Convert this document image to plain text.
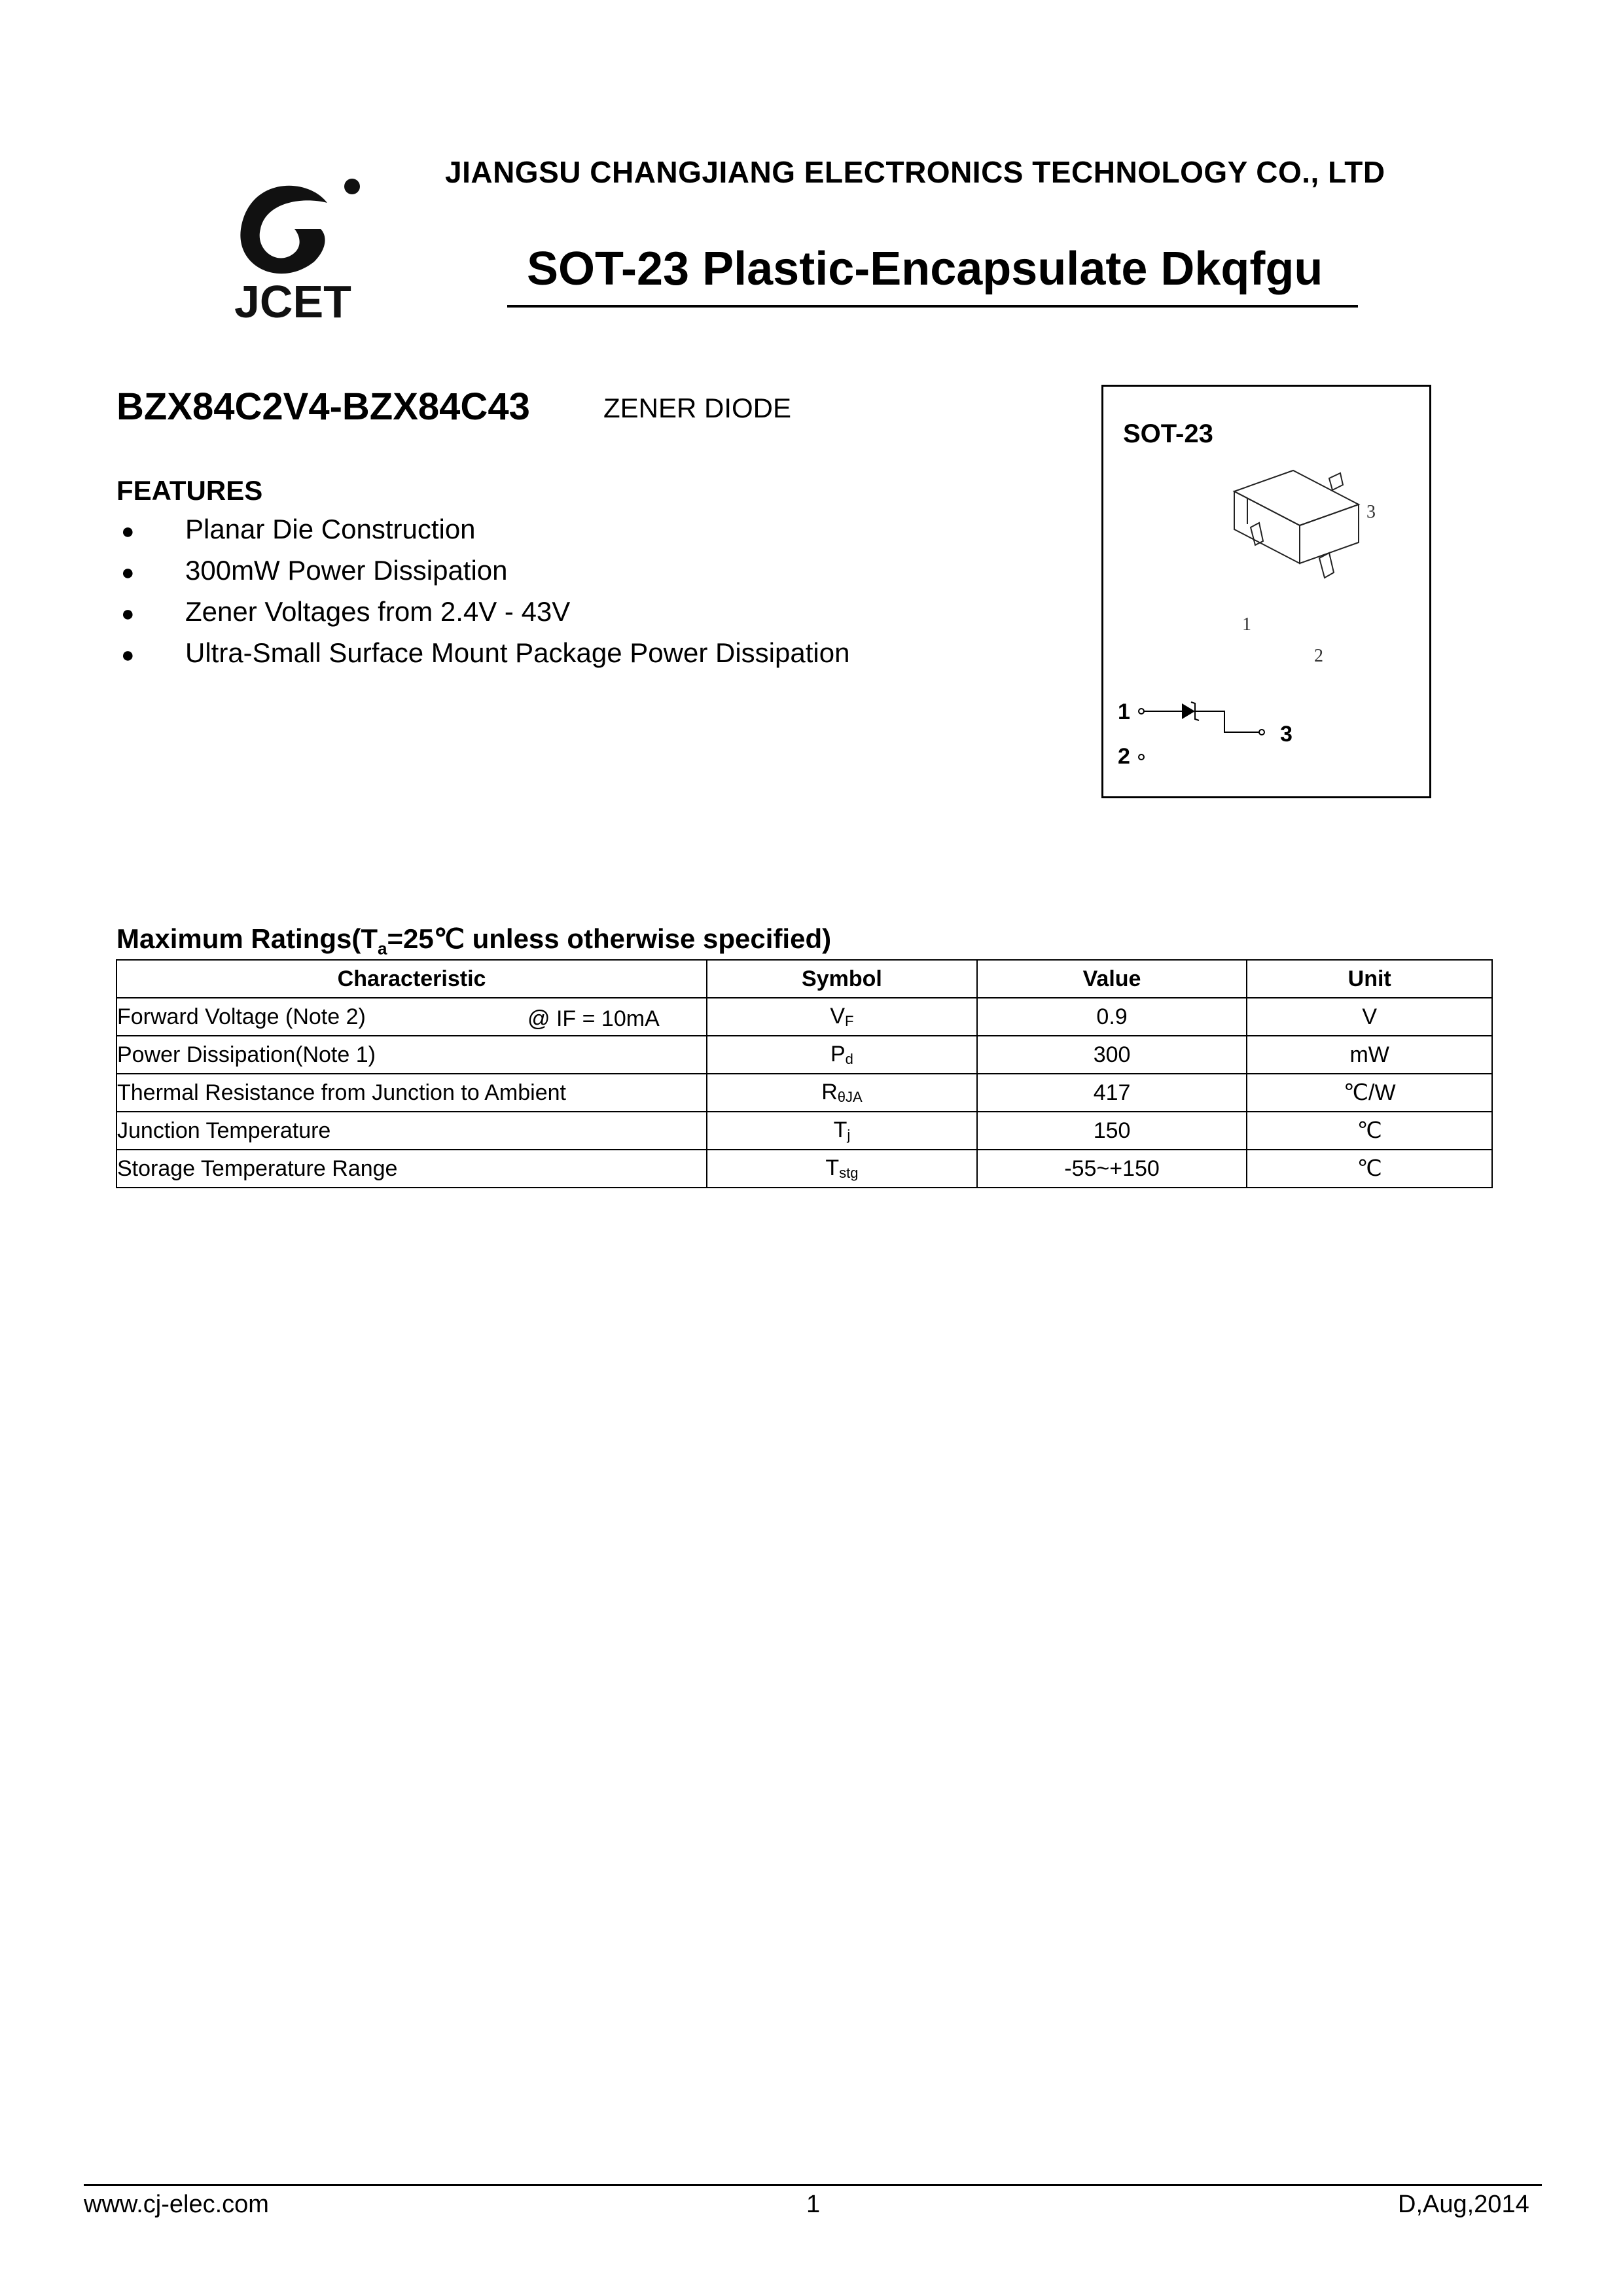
JIANGSU CHANGJIANG ELECTRONICS TECHNOLOGY CO., LTD
JCET
SOT-23 Plastic-Encapsulate Dkqfgu
BZX84C2V4-BZX84C43	ZENER DIODE
FEATURES
● Planar Die Construction
● 300mW Power Dissipation
● Zener Voltages from 2.4V - 43V
● Ultra-Small Surface Mount Package Power Dissipation
SOT-23
3
1
2
1
3
2
Maximum $Ratings(T_a=25℃$ unless otherwise specified)
Characteristic	Symbol	Value	Unit
Forward Voltage (Note 2) @ IF = 10mA	VF	0.9	V
Power Dissipation(Note 1)	Pd	300	mW
Thermal Resistance from Junction to Ambient	RθJA	417	℃/W
Junction Temperature	Tj	150	℃
Storage Temperature Range	Tstg	-55~+150	℃
www.cj-elec.com	1	D,Aug,2014
